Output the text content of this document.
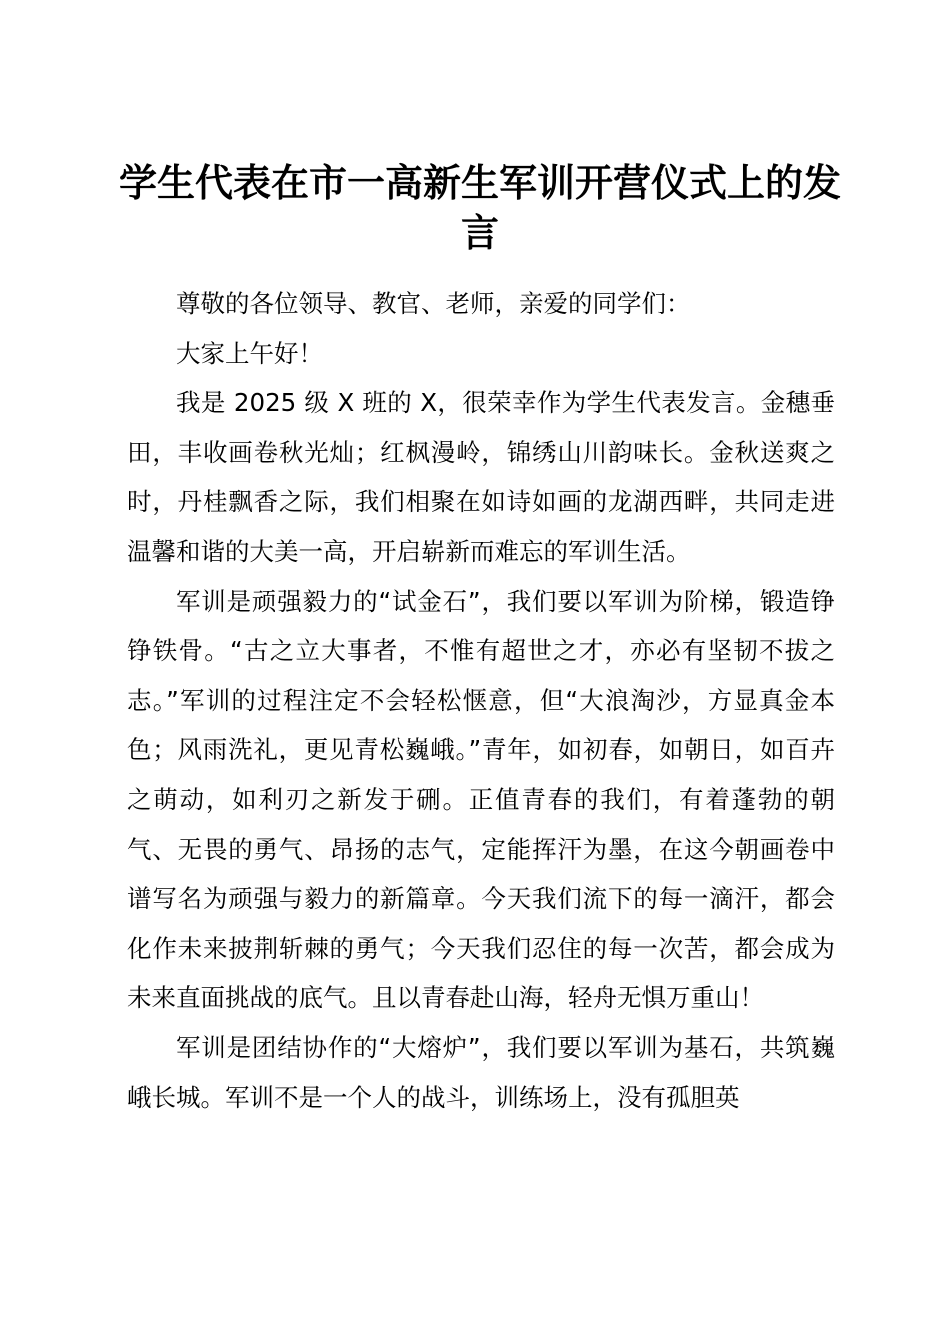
学生代表在市一高新生军训开营仪式上的发言

尊敬的各位领导、教官、老师，亲爱的同学们：

大家上午好！

我是 2025 级 X 班的 X，很荣幸作为学生代表发言。金穗垂田，丰收画卷秋光灿；红枫漫岭，锦绣山川韵味长。金秋送爽之时，丹桂飘香之际，我们相聚在如诗如画的龙湖西畔，共同走进温馨和谐的大美一高，开启崭新而难忘的军训生活。

军训是顽强毅力的“试金石”，我们要以军训为阶梯，锻造铮铮铁骨。“古之立大事者，不惟有超世之才，亦必有坚韧不拔之志。”军训的过程注定不会轻松惬意，但“大浪淘沙，方显真金本色；风雨洗礼，更见青松巍峨。”青年，如初春，如朝日，如百卉之萌动，如利刃之新发于硎。正值青春的我们，有着蓬勃的朝气、无畏的勇气、昂扬的志气，定能挥汗为墨，在这今朝画卷中谱写名为顽强与毅力的新篇章。今天我们流下的每一滴汗，都会化作未来披荆斩棘的勇气；今天我们忍住的每一次苦，都会成为未来直面挑战的底气。且以青春赴山海，轻舟无惧万重山！

军训是团结协作的“大熔炉”，我们要以军训为基石，共筑巍峨长城。军训不是一个人的战斗，训练场上，没有孤胆英
